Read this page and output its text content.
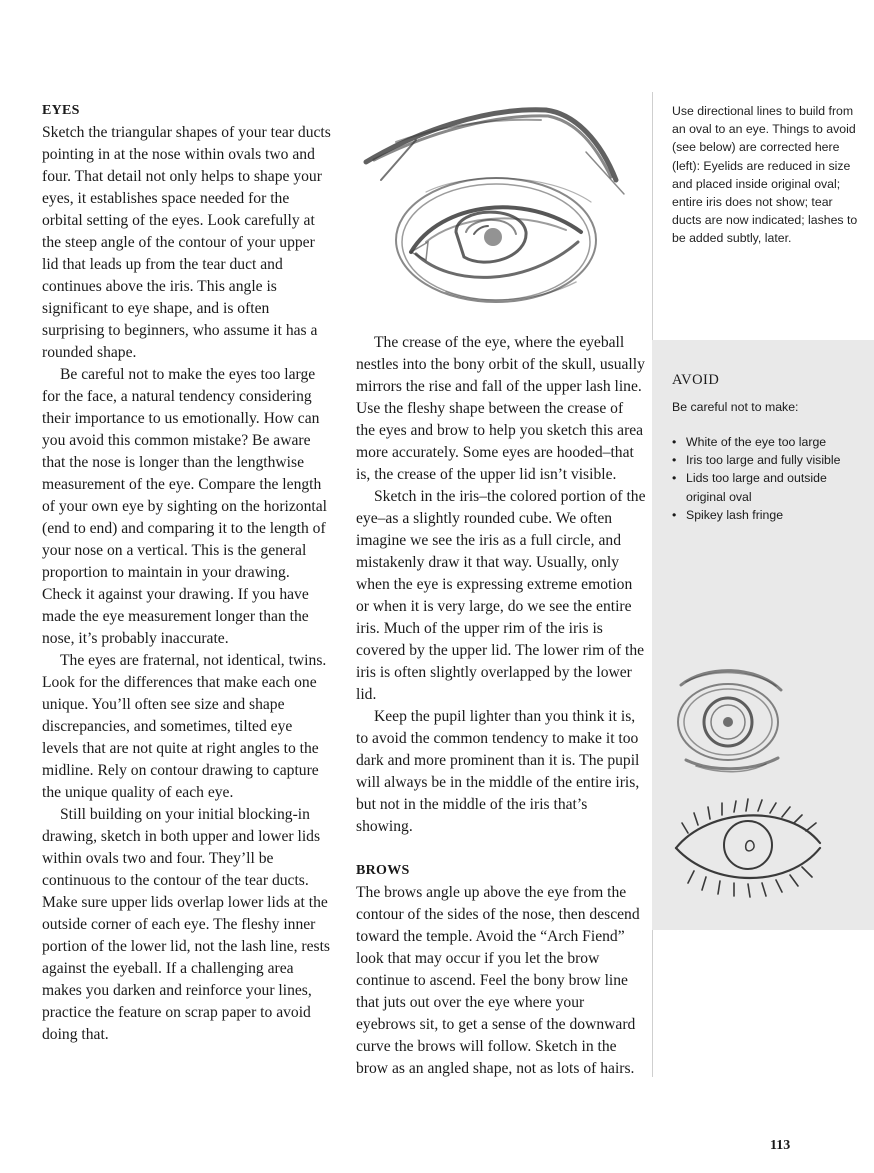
EYES

Sketch the triangular shapes of your tear ducts pointing in at the nose within ovals two and four. That detail not only helps to shape your eyes, it establishes space needed for the orbital setting of the eyes. Look carefully at the steep angle of the contour of your upper lid that leads up from the tear duct and continues above the iris. This angle is significant to eye shape, and is often surprising to beginners, who assume it has a rounded shape.

Be careful not to make the eyes too large for the face, a natural tendency considering their importance to us emotionally. How can you avoid this common mistake? Be aware that the nose is longer than the lengthwise measurement of the eye. Compare the length of your own eye by sighting on the horizontal (end to end) and comparing it to the length of your nose on a vertical. This is the general proportion to maintain in your drawing. Check it against your drawing. If you have made the eye measurement longer than the nose, it’s probably inaccurate.

The eyes are fraternal, not identical, twins. Look for the differences that make each one unique. You’ll often see size and shape discrepancies, and sometimes, tilted eye levels that are not quite at right angles to the midline. Rely on contour drawing to capture the unique quality of each eye.

Still building on your initial blocking-in drawing, sketch in both upper and lower lids within ovals two and four. They’ll be continuous to the contour of the tear ducts. Make sure upper lids overlap lower lids at the outside corner of each eye. The fleshy inner portion of the lower lid, not the lash line, rests against the eyeball. If a challenging area makes you darken and reinforce your lines, practice the feature on scrap paper to avoid doing that.

The crease of the eye, where the eyeball nestles into the bony orbit of the skull, usually mirrors the rise and fall of the upper lash line. Use the fleshy shape between the crease of the eyes and brow to help you sketch this area more accurately. Some eyes are hooded–that is, the crease of the upper lid isn’t visible.

Sketch in the iris–the colored portion of the eye–as a slightly rounded cube. We often imagine we see the iris as a full circle, and mistakenly draw it that way. Usually, only when the eye is expressing extreme emotion or when it is very large, do we see the entire iris. Much of the upper rim of the iris is covered by the upper lid. The lower rim of the iris is often slightly overlapped by the lower lid.

Keep the pupil lighter than you think it is, to avoid the common tendency to make it too dark and more prominent than it is. The pupil will always be in the middle of the entire iris, but not in the middle of the iris that’s showing.

BROWS

The brows angle up above the eye from the contour of the sides of the nose, then descend toward the temple. Avoid the “Arch Fiend” look that may occur if you let the brow continue to ascend. Feel the bony brow line that juts out over the eye where your eyebrows sit, to get a sense of the downward curve the brows will follow. Sketch in the brow as an angled shape, not as lots of hairs.

Use directional lines to build from an oval to an eye. Things to avoid (see below) are corrected here (left): Eyelids are reduced in size and placed inside original oval; entire iris does not show; tear ducts are now indicated; lashes to be added subtly, later.

AVOID
Be careful not to make:
• White of the eye too large
• Iris too large and fully visible
• Lids too large and outside original oval
• Spikey lash fringe
113
